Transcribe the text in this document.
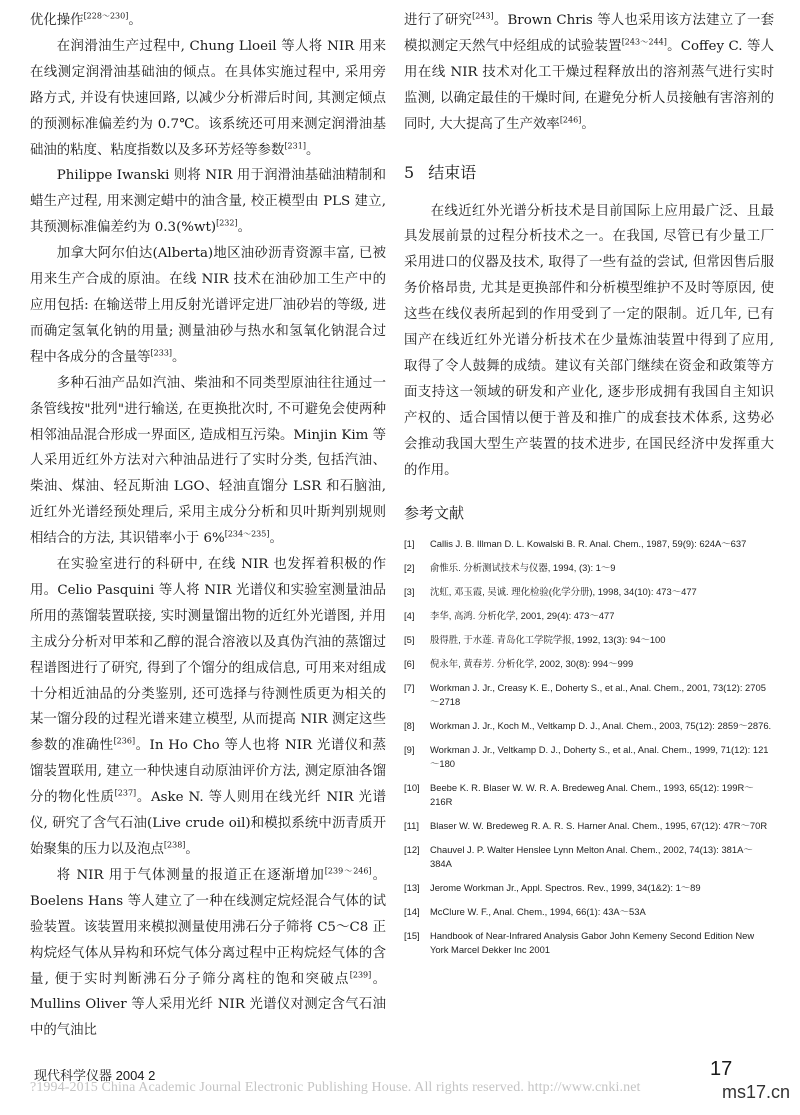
优化操作[228～230]。

在润滑油生产过程中, Chung Lloeil 等人将 NIR 用来在线测定润滑油基础油的倾点。在具体实施过程中, 采用旁路方式, 并设有快速回路, 以减少分析滞后时间, 其测定倾点的预测标准偏差约为 0.7℃。该系统还可用来测定润滑油基础油的粘度、粘度指数以及多环芳烃等参数[231]。

Philippe Iwanski 则将 NIR 用于润滑油基础油精制和蜡生产过程, 用来测定蜡中的油含量, 校正模型由 PLS 建立, 其预测标准偏差约为 0.3(%wt)[232]。

加拿大阿尔伯达(Alberta)地区油砂沥青资源丰富, 已被用来生产合成的原油。在线 NIR 技术在油砂加工生产中的应用包括: 在输送带上用反射光谱评定进厂油砂岩的等级, 进而确定氢氧化钠的用量; 测量油砂与热水和氢氧化钠混合过程中各成分的含量等[233]。

多种石油产品如汽油、柴油和不同类型原油往往通过一条管线按"批列"进行输送, 在更换批次时, 不可避免会使两种相邻油品混合形成一界面区, 造成相互污染。Minjin Kim 等人采用近红外方法对六种油品进行了实时分类, 包括汽油、柴油、煤油、轻瓦斯油 LGO、轻油直馏分 LSR 和石脑油, 近红外光谱经预处理后, 采用主成分分析和贝叶斯判别规则相结合的方法, 其识错率小于 6%[234～235]。

在实验室进行的科研中, 在线 NIR 也发挥着积极的作用。Celio Pasquini 等人将 NIR 光谱仪和实验室测量油品所用的蒸馏装置联接, 实时测量馏出物的近红外光谱图, 并用主成分分析对甲苯和乙醇的混合溶液以及真伪汽油的蒸馏过程谱图进行了研究, 得到了个馏分的组成信息, 可用来对组成十分相近油品的分类鉴别, 还可选择与待测性质更为相关的某一馏分段的过程光谱来建立模型, 从而提高 NIR 测定这些参数的准确性[236]。In Ho Cho 等人也将 NIR 光谱仪和蒸馏装置联用, 建立一种快速自动原油评价方法, 测定原油各馏分的物化性质[237]。Aske N. 等人则用在线光纤 NIR 光谱仪, 研究了含气石油(Live crude oil)和模拟系统中沥青质开始聚集的压力以及泡点[238]。

将 NIR 用于气体测量的报道正在逐渐增加[239～246]。Boelens Hans 等人建立了一种在线测定烷烃混合气体的试验装置。该装置用来模拟测量使用沸石分子筛将 C5～C8 正构烷烃气体从异构和环烷气体分离过程中正构烷烃气体的含量, 便于实时判断沸石分子筛分离柱的饱和突破点[239]。Mullins Oliver 等人采用光纤 NIR 光谱仪对测定含气石油中的气油比

进行了研究[243]。Brown Chris 等人也采用该方法建立了一套模拟测定天然气中烃组成的试验装置[243～244]。Coffey C. 等人用在线 NIR 技术对化工干燥过程释放出的溶剂蒸气进行实时监测, 以确定最佳的干燥时间, 在避免分析人员接触有害溶剂的同时, 大大提高了生产效率[246]。

5 结束语

在线近红外光谱分析技术是目前国际上应用最广泛、且最具发展前景的过程分析技术之一。在我国, 尽管已有少量工厂采用进口的仪器及技术, 取得了一些有益的尝试, 但常因售后服务价格昂贵, 尤其是更换部件和分析模型维护不及时等原因, 使这些在线仪表所起到的作用受到了一定的限制。近几年, 已有国产在线近红外光谱分析技术在少量炼油装置中得到了应用, 取得了令人鼓舞的成绩。建议有关部门继续在资金和政策等方面支持这一领域的研发和产业化, 逐步形成拥有我国自主知识产权的、适合国情以便于普及和推广的成套技术体系, 这势必会推动我国大型生产装置的技术进步, 在国民经济中发挥重大的作用。

参考文献
[1] Callis J. B. Illman D. L. Kowalski B. R. Anal. Chem., 1987, 59(9): 624A～637
[2] 俞惟乐. 分析测试技术与仪器, 1994, (3): 1～9
[3] 沈虹, 邓玉霞, 吴诚. 理化检验(化学分册), 1998, 34(10): 473～477
[4] 李华, 高鸿. 分析化学, 2001, 29(4): 473～477
[5] 殷得胜, 于水莲. 青岛化工学院学报, 1992, 13(3): 94～100
[6] 倪永年, 黄春芳. 分析化学, 2002, 30(8): 994～999
[7] Workman J. Jr., Creasy K. E., Doherty S., et al., Anal. Chem., 2001, 73(12): 2705～2718
[8] Workman J. Jr., Koch M., Veltkamp D. J., Anal. Chem., 2003, 75(12): 2859～2876.
[9] Workman J. Jr., Veltkamp D. J., Doherty S., et al., Anal. Chem., 1999, 71(12): 121～180
[10] Beebe K. R. Blaser W. W. R. A. Bredeweg Anal. Chem., 1993, 65(12): 199R～216R
[11] Blaser W. W. Bredeweg R. A. R. S. Harner Anal. Chem., 1995, 67(12): 47R～70R
[12] Chauvel J. P. Walter Henslee Lynn Melton Anal. Chem., 2002, 74(13): 381A～384A
[13] Jerome Workman Jr., Appl. Spectros. Rev., 1999, 34(1&2): 1～89
[14] McClure W. F., Anal. Chem., 1994, 66(1): 43A～53A
[15] Handbook of Near-Infrared Analysis Gabor John Kemeny Second Edition New York Marcel Dekker Inc 2001
现代科学仪器 2004 2	17
?1994-2015 China Academic Journal Electronic Publishing House. All rights reserved. http://www.cnki.net	ms17.cn
